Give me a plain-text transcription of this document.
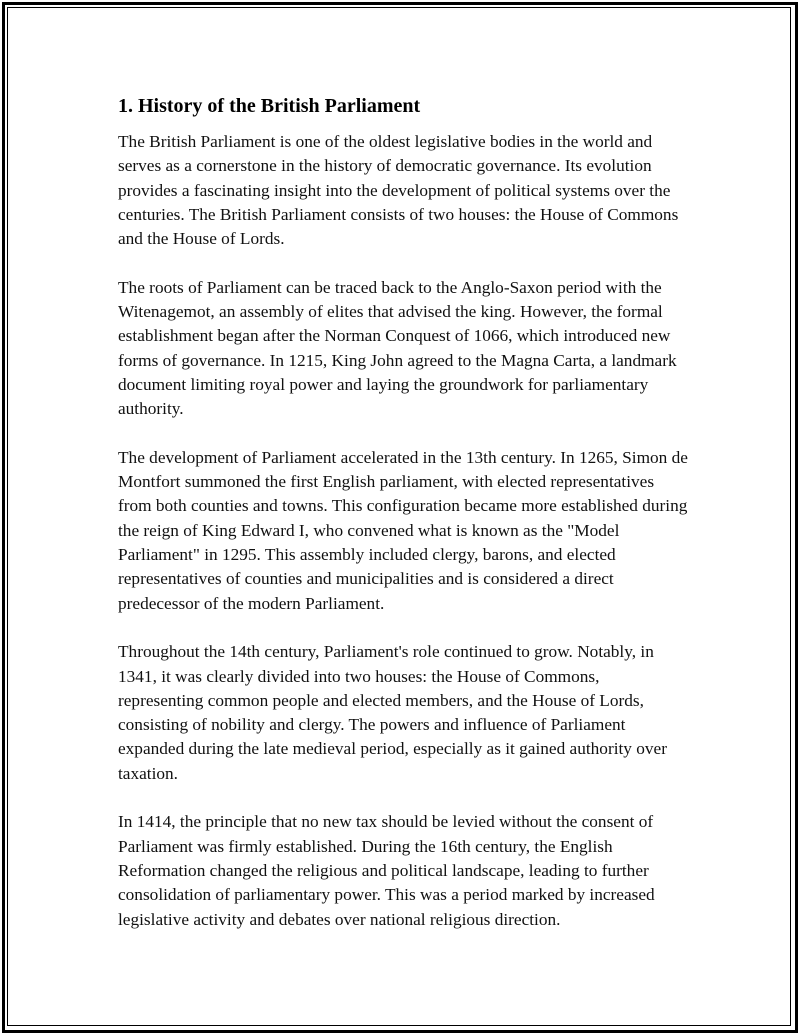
1. History of the British Parliament

The British Parliament is one of the oldest legislative bodies in the world and serves as a cornerstone in the history of democratic governance. Its evolution provides a fascinating insight into the development of political systems over the centuries. The British Parliament consists of two houses: the House of Commons and the House of Lords.

The roots of Parliament can be traced back to the Anglo-Saxon period with the Witenagemot, an assembly of elites that advised the king. However, the formal establishment began after the Norman Conquest of 1066, which introduced new forms of governance. In 1215, King John agreed to the Magna Carta, a landmark document limiting royal power and laying the groundwork for parliamentary authority.

The development of Parliament accelerated in the 13th century. In 1265, Simon de Montfort summoned the first English parliament, with elected representatives from both counties and towns. This configuration became more established during the reign of King Edward I, who convened what is known as the "Model Parliament" in 1295. This assembly included clergy, barons, and elected representatives of counties and municipalities and is considered a direct predecessor of the modern Parliament.

Throughout the 14th century, Parliament's role continued to grow. Notably, in 1341, it was clearly divided into two houses: the House of Commons, representing common people and elected members, and the House of Lords, consisting of nobility and clergy. The powers and influence of Parliament expanded during the late medieval period, especially as it gained authority over taxation.

In 1414, the principle that no new tax should be levied without the consent of Parliament was firmly established. During the 16th century, the English Reformation changed the religious and political landscape, leading to further consolidation of parliamentary power. This was a period marked by increased legislative activity and debates over national religious direction.
